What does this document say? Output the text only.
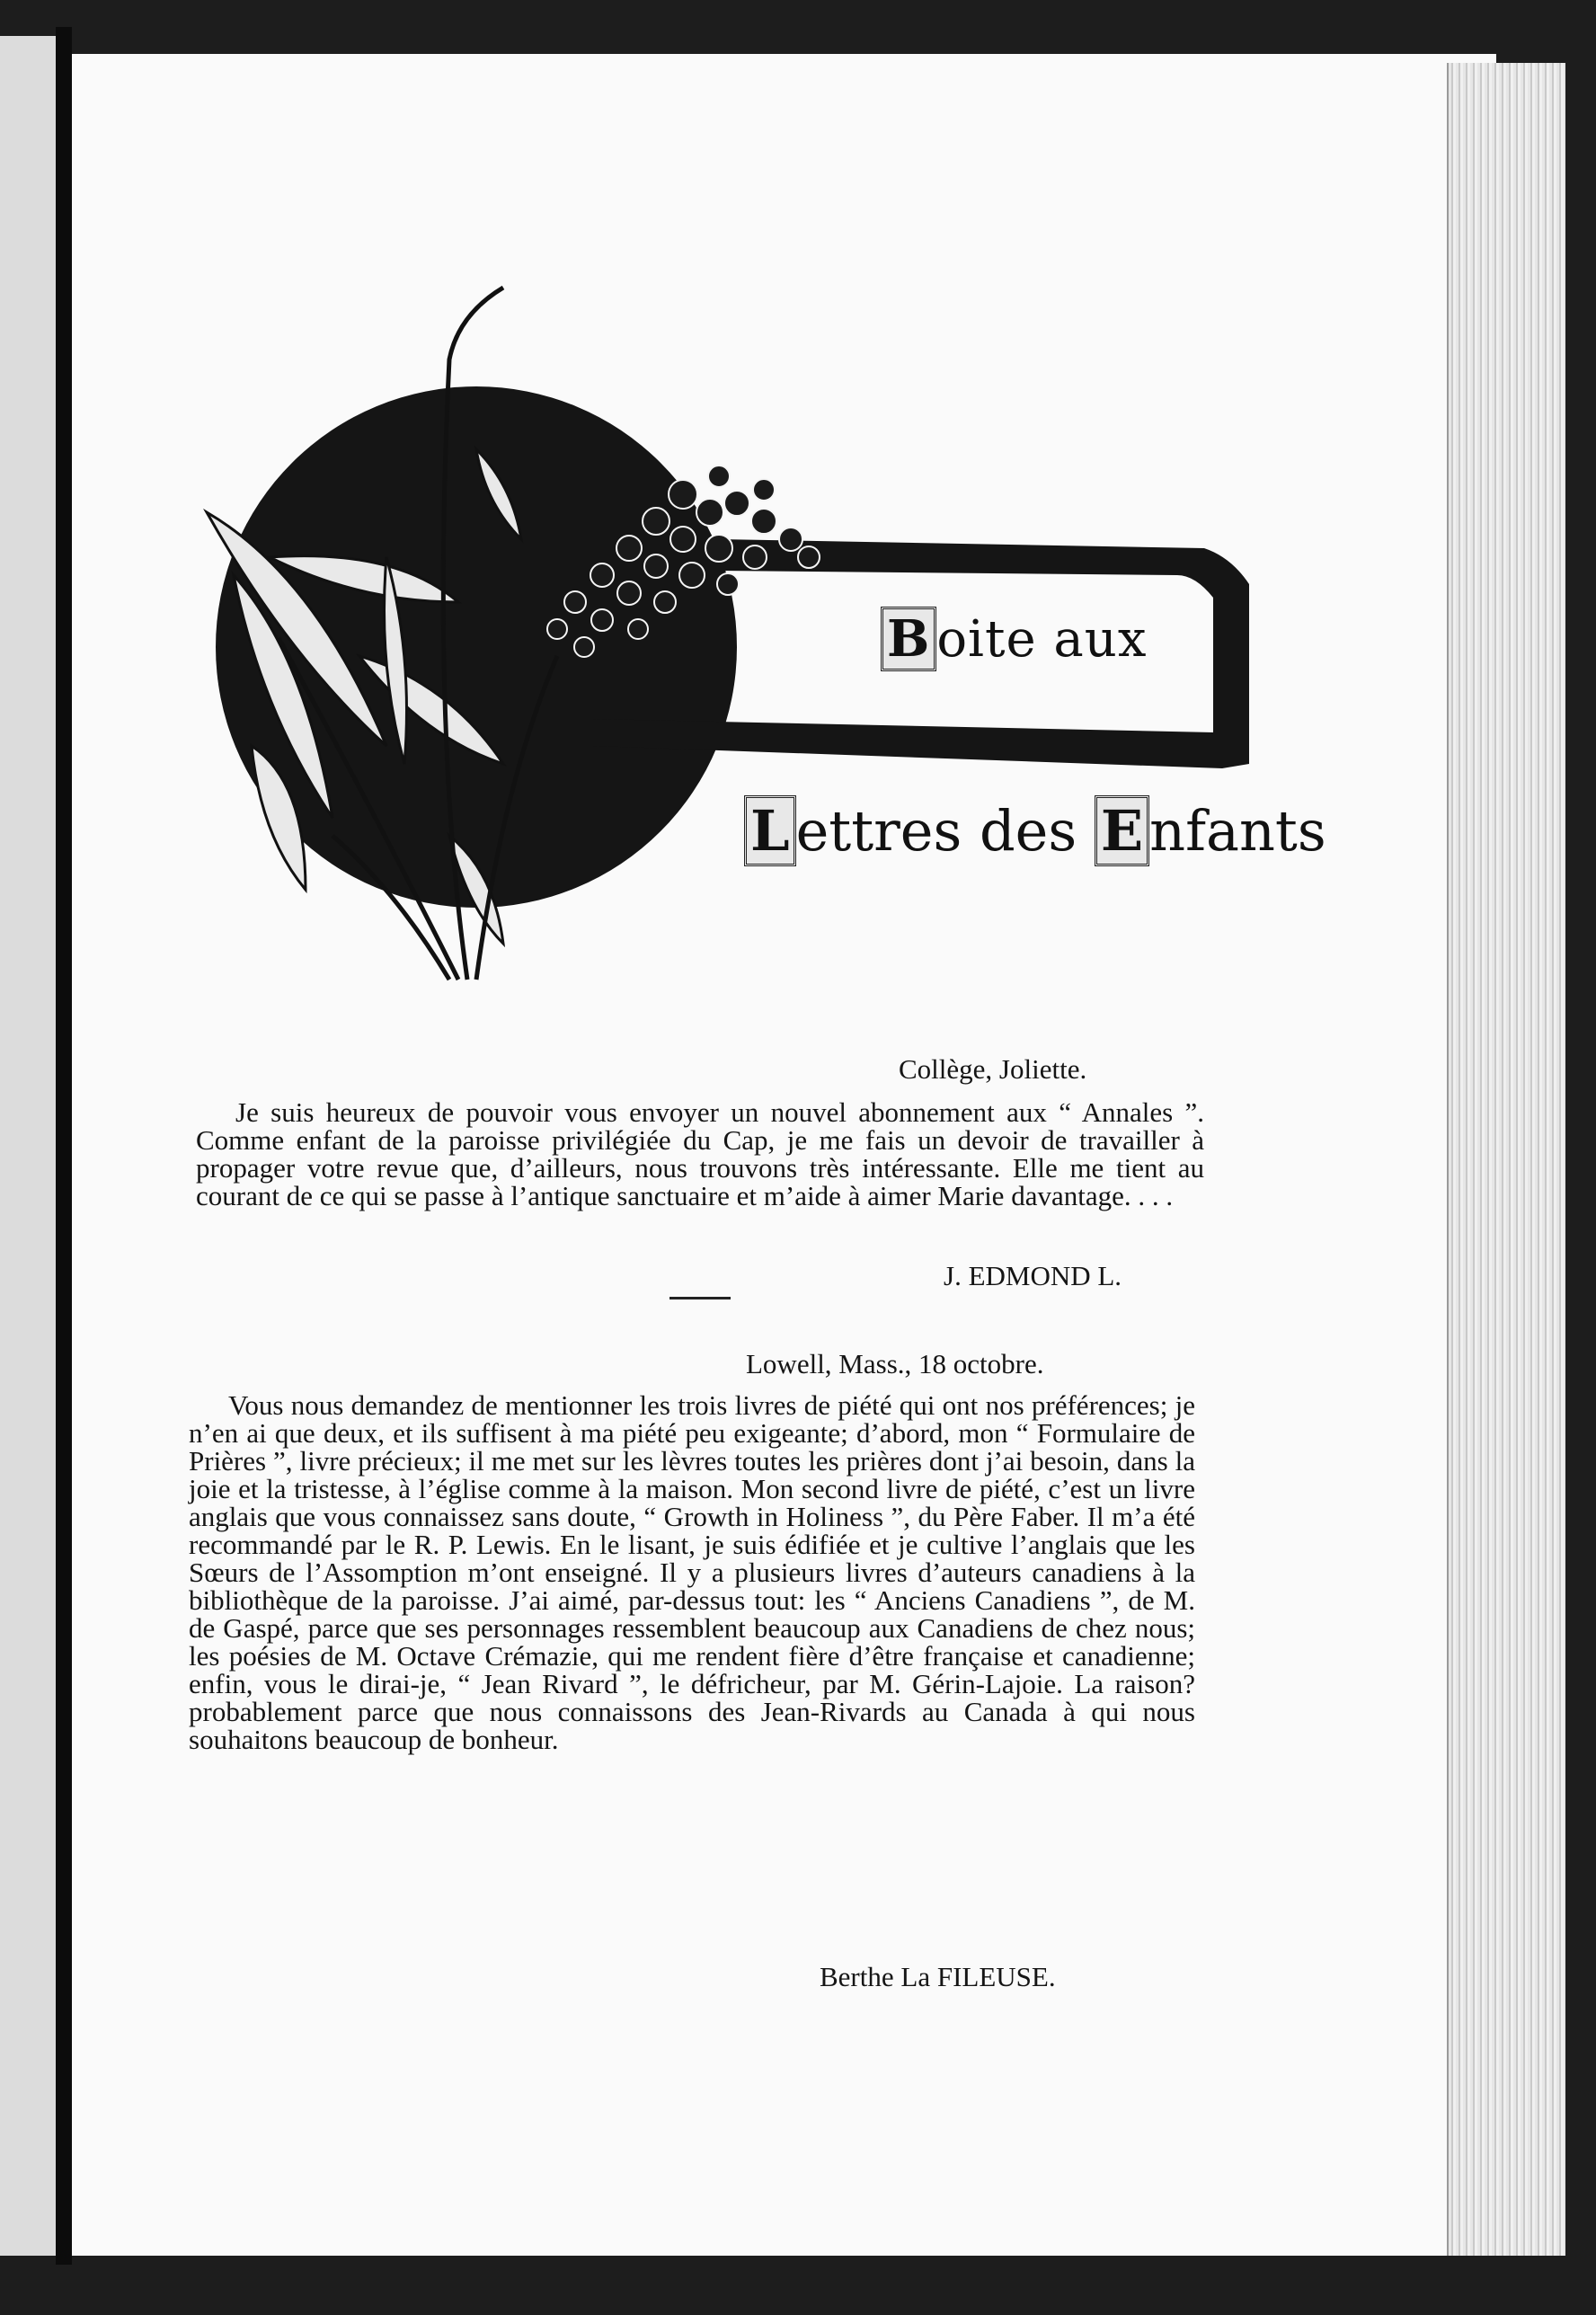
B oite aux
L ettres des E nfants
Collège, Joliette.

Je suis heureux de pouvoir vous envoyer un nouvel abonnement aux “ Annales ”. Comme enfant de la paroisse privilégiée du Cap, je me fais un devoir de travailler à propager votre revue que, d’ailleurs, nous trouvons très intéressante. Elle me tient au courant de ce qui se passe à l’antique sanctuaire et m’aide à aimer Marie davantage. . . .

J. EDMOND L.
Lowell, Mass., 18 octobre.

Vous nous demandez de mentionner les trois livres de piété qui ont nos préférences; je n’en ai que deux, et ils suffisent à ma piété peu exigeante; d’abord, mon “ Formulaire de Prières ”, livre précieux; il me met sur les lèvres toutes les prières dont j’ai besoin, dans la joie et la tristesse, à l’église comme à la maison. Mon second livre de piété, c’est un livre anglais que vous connaissez sans doute, “ Growth in Holiness ”, du Père Faber. Il m’a été recommandé par le R. P. Lewis. En le lisant, je suis édifiée et je cultive l’anglais que les Sœurs de l’Assomption m’ont enseigné. Il y a plusieurs livres d’auteurs canadiens à la bibliothèque de la paroisse. J’ai aimé, par-dessus tout: les “ Anciens Canadiens ”, de M. de Gaspé, parce que ses personnages ressemblent beaucoup aux Canadiens de chez nous; les poésies de M. Octave Crémazie, qui me rendent fière d’être française et canadienne; enfin, vous le dirai-je, “ Jean Rivard ”, le défricheur, par M. Gérin-Lajoie. La raison? probablement parce que nous connaissons des Jean-Rivards au Canada à qui nous souhaitons beaucoup de bonheur.

Berthe La FILEUSE.
